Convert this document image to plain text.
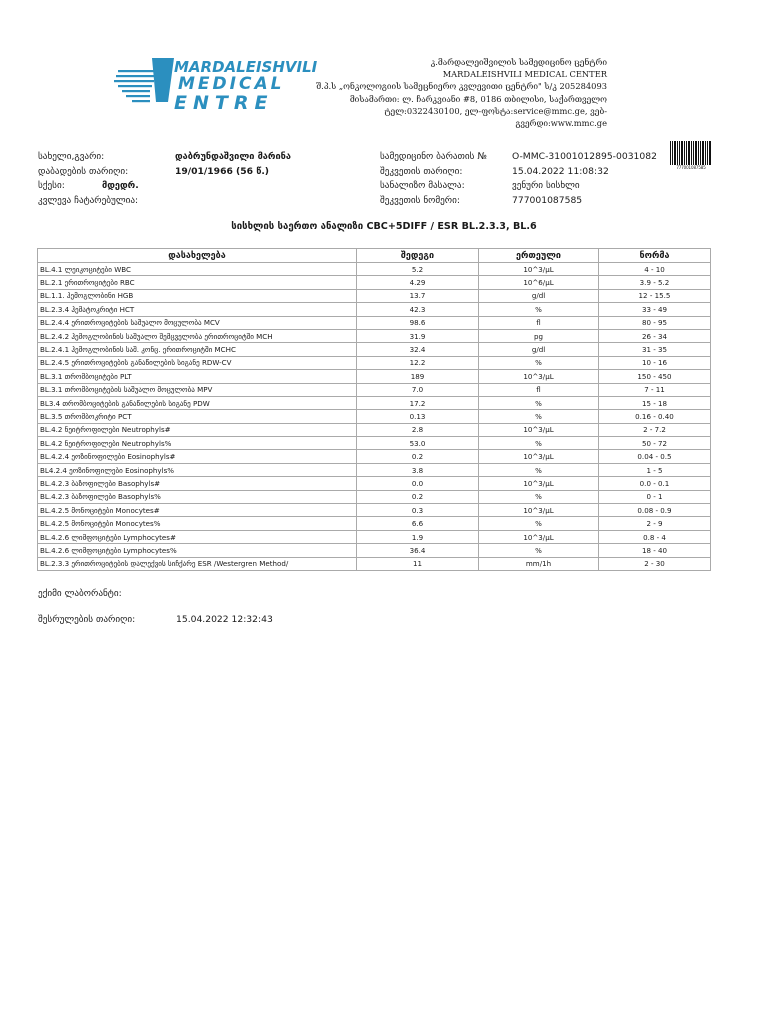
MARDALEISHVILI
MEDICAL
ENTRE
კ.მარდალეიშვილის სამედიცინო ცენტრი
MARDALEISHVILI MEDICAL CENTER
შ.პ.ს „ონკოლოგიის სამეცნიერო კვლევითი ცენტრი" ს/კ 205284093
მისამართი: ლ. ჩარკვიანი #8, 0186 თბილისი, საქართველო
ტელ:0322430100, ელ-ფოსტა:service@mmc.ge, ვებ-გვერდი:www.mmc.ge
777001087585
სახელი,გვარი:	დაბრუნდაშვილი მარინა
დაბადების თარიღი:	19/01/1966 (56 წ.)
სქესი:	მდედრ.
კვლევა ჩატარებულია:
სამედიცინო ბარათის №	O-MMC-31001012895-0031082
შეკვეთის თარიღი:	15.04.2022 11:08:32
სანალიზო მასალა:	ვენური სისხლი
შეკვეთის ნომერი:	777001087585
სისხლის საერთო ანალიზი CBC+5DIFF / ESR BL.2.3.3, BL.6
დასახელება	შედეგი	ერთეული	ნორმა
BL.4.1 ლეიკოციტები WBC	5.2	10^3/µL	4 - 10
BL.2.1 ერითროციტები RBC	4.29	10^6/µL	3.9 - 5.2
BL.1.1. ჰემოგლობინი HGB	13.7	g/dl	12 - 15.5
BL.2.3.4 ჰემატოკრიტი HCT	42.3	%	33 - 49
BL.2.4.4 ერითროციტების საშუალო მოცულობა MCV	98.6	fl	80 - 95
BL.2.4.2 ჰემოგლობინის საშუალო შემცველობა ერითროციტში MCH	31.9	pg	26 - 34
BL.2.4.1 ჰემოგლობინის საშ. კონც. ერითროციტში MCHC	32.4	g/dl	31 - 35
BL.2.4.5 ერითროციტების განაწილების სიგანე RDW-CV	12.2	%	10 - 16
BL.3.1 თრომბოციტები PLT	189	10^3/µL	150 - 450
BL.3.1 თრომბოციტების საშუალო მოცულობა MPV	7.0	fl	7 - 11
BL3.4 თრომბოციტების განაწილების სიგანე PDW	17.2	%	15 - 18
BL.3.5 თრომბოკრიტი PCT	0.13	%	0.16 - 0.40
BL.4.2 ნეიტროფილები Neutrophyls#	2.8	10^3/µL	2 - 7.2
BL.4.2 ნეიტროფილები Neutrophyls%	53.0	%	50 - 72
BL.4.2.4 ეოზინოფილები Eosinophyls#	0.2	10^3/µL	0.04 - 0.5
BL4.2.4 ეოზინოფილები Eosinophyls%	3.8	%	1 - 5
BL.4.2.3 ბაზოფილები Basophyls#	0.0	10^3/µL	0.0 - 0.1
BL.4.2.3 ბაზოფილები Basophyls%	0.2	%	0 - 1
BL.4.2.5 მონოციტები Monocytes#	0.3	10^3/µL	0.08 - 0.9
BL.4.2.5 მონოციტები Monocytes%	6.6	%	2 - 9
BL.4.2.6 ლიმფოციტები Lymphocytes#	1.9	10^3/µL	0.8 - 4
BL.4.2.6 ლიმფოციტები Lymphocytes%	36.4	%	18 - 40
BL.2.3.3 ერითროციტების დალექვის სიჩქარე ESR /Westergren Method/	11	mm/1h	2 - 30
ექიმი ლაბორანტი:
შესრულების თარიღი:	15.04.2022 12:32:43
